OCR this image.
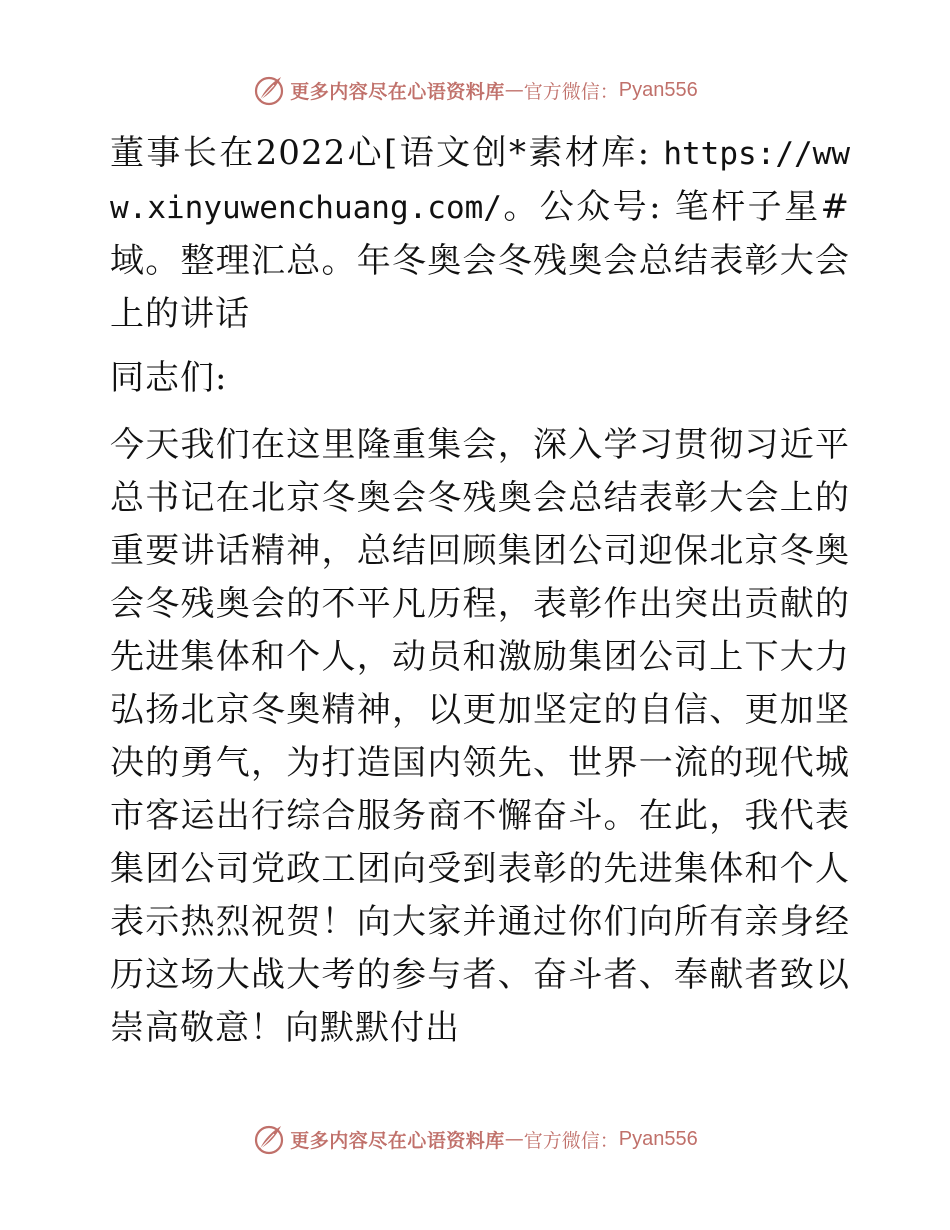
更多内容尽在心语资料库 — 官方微信： Pyan556

董事长在2022心[语文创*素材库: https://www.xinyuwenchuang.com/。公众号: 笔杆子星#域。整理汇总。年冬奥会冬残奥会总结表彰大会上的讲话

同志们:

今天我们在这里隆重集会，深入学习贯彻习近平总书记在北京冬奥会冬残奥会总结表彰大会上的重要讲话精神，总结回顾集团公司迎保北京冬奥会冬残奥会的不平凡历程，表彰作出突出贡献的先进集体和个人，动员和激励集团公司上下大力弘扬北京冬奥精神，以更加坚定的自信、更加坚决的勇气，为打造国内领先、世界一流的现代城市客运出行综合服务商不懈奋斗。在此，我代表集团公司党政工团向受到表彰的先进集体和个人表示热烈祝贺！向大家并通过你们向所有亲身经历这场大战大考的参与者、奋斗者、奉献者致以崇高敬意！向默默付出

更多内容尽在心语资料库 — 官方微信： Pyan556
